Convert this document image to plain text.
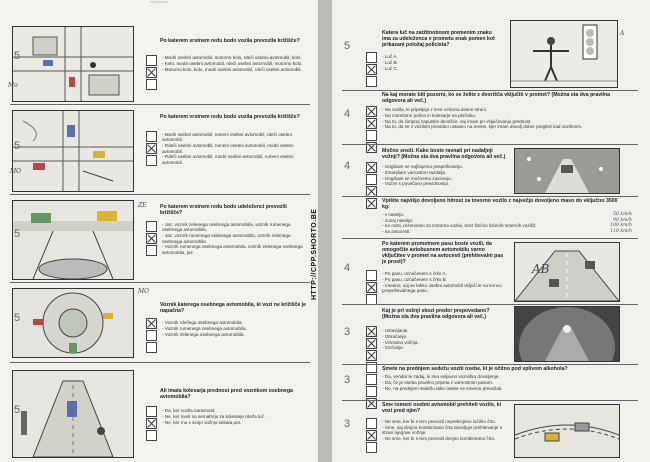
~~~~~
5
Mo
Po katerem vrstnem redu bodo vozila prevozila križišče?
- Modri osebni avtomobil, motorno kolo, rdeči osebni avtomobil, kolo.
- Kolo, modri osebni avtomobil, rdeči osebni avtomobil, motorno kolo.
- Motorno kolo, kolo, modri osebni avtomobil, rdeči osebni avtomobil.
5
MO
Po katerem vrstnem redu bodo vozila prevozila križišče?
- Modri osebni avtomobil, rumeni osebni avtomobil, rdeči osebni avtomobil.
- Rdeči osebni avtomobil, rumeni osebni avtomobil, modri osebni avtomobil.
- Rdeči osebni avtomobil, modri osebni avtomobil, rumeni osebni avtomobil.
5
ZE	Po katerem vrstnem redu bodo udeleženci prevozili križišče?
- Jaz, vozník zelenega osebnega avtomobila, vozník rumenega osebnega avtomobila.
- Jaz, vozník rumenega osebnega avtomobila, vozník zelenega osebnega avtomobila.
- Vozník rumenega osebnega avtomobila, vozník zelenega osebnega avtomobila, jaz.
5
MO
Vozník katerega osebnega avtomobila, ki vozi ne križišče je napačna?
- Vozník rdečega osebnega avtomobila.
- Vozník rumenega osebnega avtomobila.
- Vozník zelenega osebnega avtomobila.
5
Ali imata kolesarja prednost pred voznikom osebnega avtomobila?
- Da, ker vozila naravnost.
- Ne, ker sveti na semaforju za kolesarje rdeča luč.
- Ne, ker mu s svojo vožnjo sekata pot.
HTTP://CPP.SHORTO.BE
5
Katera luč na zatžitnobnom premenim znaku ima za udeleženca v prometu enak pomen kot prikazani položaj policista?
- Luč A.
- Luč B.
- Luč C.
A
4
Na kaj morate biti pozorni, ko se želite z dvorišča vključiti v promet? (Možna sta dva pravilna odgovora ali več.)
- Na vozila, ki pripeljejo z leve celovna desne strani.
- Na morebitne pešce in kolesarje na pločniku.
- Na to, da čimprej zapustim dvorišče, saj imam pri vključevanju prednost.
- Na to, da se z vozilom previdno ustavim na meste, kjer imam dovolj dober pregled nad vozišcem.
4
Močno sneži. Kako boste ravnali pri nadaljnji vožnji? (Možna sta dva pravilna odgovora ali več.)
- Izogibam se najhujemu pospeševanju.
- Zmanjšam varnostno razdaljo.
- Izogibam se močnemu zaviranju.
- Vozim s povečano previdnostjo.
Vpišite najvišjo dovoljeno hitrost za tovorno vozilo z največjo dovoljeno maso do vključno 3500 kg:
- v naselju:	50 km/h
- zunaj naselja:	90 km/h
- na cesti, rezervirani za motorna vozila, brez fizično ločenih smernih vozišč:	100 km/h
- na avtocesti:	110 km/h
4
Po katerem prometnem pasu boste vozili, da omogočite avtobusnem avtomobilu varno vključitev v promet na avtocesti (prehitevalni pas je prost)?
- Po pasu, označenem s črko A.
- Po pasu, označenem s črko B.
- Vseeno, saj se lahko osebni avtomobil vključi le na koncu pospeševalnega pasu.
AB
3
Kaj je pri vožnji skozi predor prepovedano? (Možna sta dva pravilna odgovora ali več.)
- Ustavljanje.
- Obračanje.
- Vzvratna vožnja.
- Srečanje.
3
Smete na prednjem sedežu voziti osebe, ki je očitno pod vplivom alkohola?
- Da, vendar le zadaj, ki ima veljavno vozniško dovoljenje.
- Da, če je oseba pravilno pripeta z varnostnim pasom.
- Ne, na prednjem sedežu take osebe ne smemo prevažati.
3
Sme rumeni osebni avtomobil prehiteti vozilo, ki vozi pred njim?
- Ne sme, ker bi s tem prevozil neprekinjeno ločilno črto.
- Sme, saj dvojna kombinirana črta dovoljuje prehitevanje s strani njegove vožnje.
- Ne sme, ker bi s tem prevozil dvojno kombinirano črto.
